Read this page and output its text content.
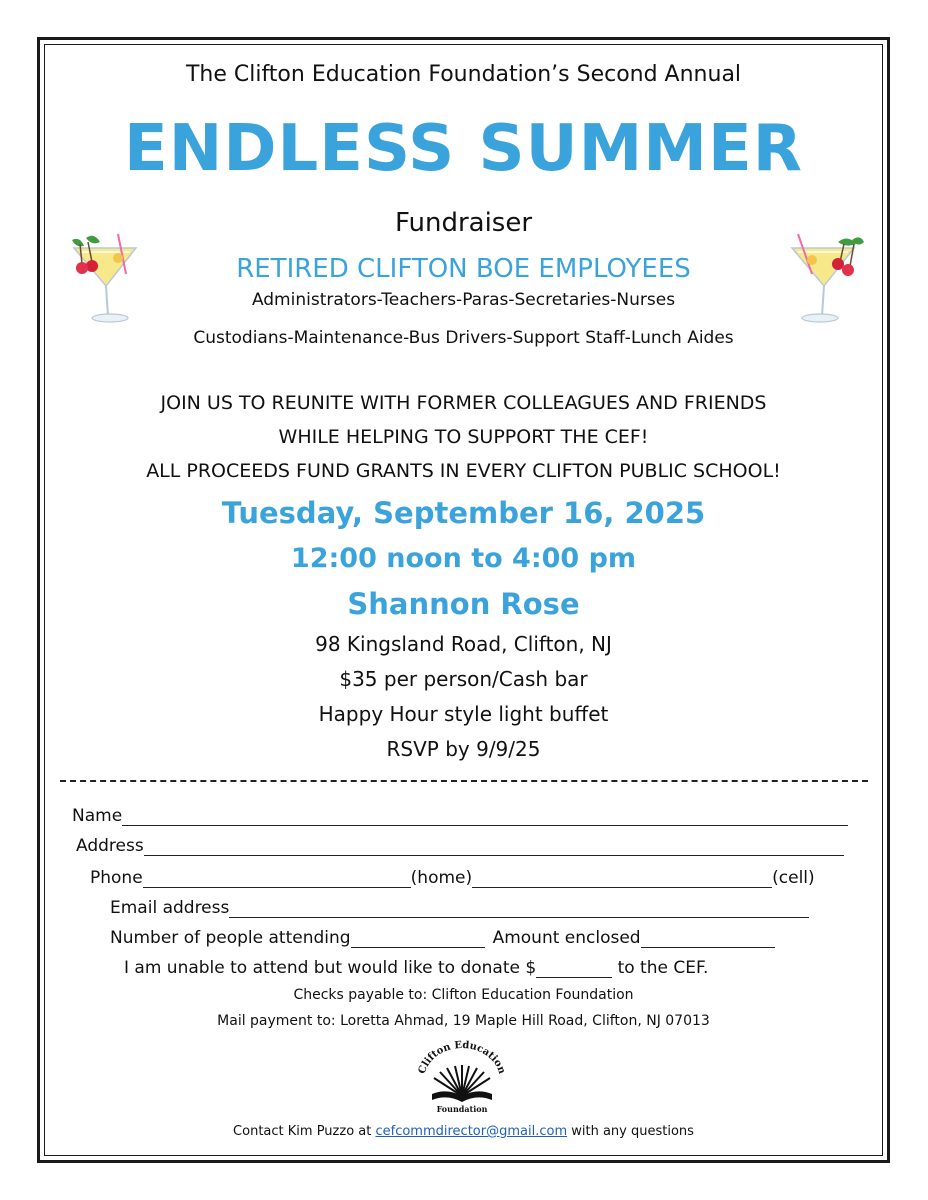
The Clifton Education Foundation’s Second Annual
ENDLESS SUMMER
Fundraiser
RETIRED CLIFTON BOE EMPLOYEES
Administrators-Teachers-Paras-Secretaries-Nurses
Custodians-Maintenance-Bus Drivers-Support Staff-Lunch Aides
JOIN US TO REUNITE WITH FORMER COLLEAGUES AND FRIENDS
WHILE HELPING TO SUPPORT THE CEF!
ALL PROCEEDS FUND GRANTS IN EVERY CLIFTON PUBLIC SCHOOL!
Tuesday, September 16, 2025
12:00 noon to 4:00 pm
Shannon Rose
98 Kingsland Road, Clifton, NJ
$35 per person/Cash bar
Happy Hour style light buffet
RSVP by 9/9/25
Name
Address
Phone	(home)	(cell)
Email address
Number of people attending	Amount enclosed
I am unable to attend but would like to donate $	to the CEF.
Checks payable to: Clifton Education Foundation
Mail payment to: Loretta Ahmad, 19 Maple Hill Road, Clifton, NJ 07013
Clifton Education
Foundation
Contact Kim Puzzo at cefcommdirector@gmail.com with any questions
